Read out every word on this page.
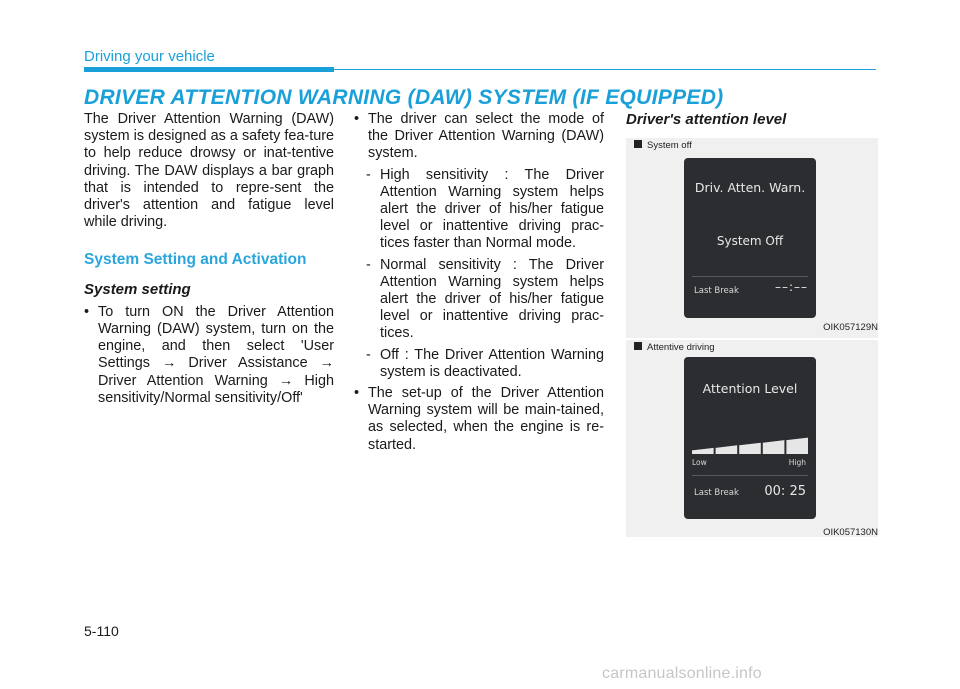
Driving your vehicle
DRIVER ATTENTION WARNING (DAW) SYSTEM (IF EQUIPPED)

The Driver Attention Warning (DAW) system is designed as a safety fea-ture to help reduce drowsy or inat-tentive driving. The DAW displays a bar graph that is intended to repre-sent the driver's attention and fatigue level while driving.

System Setting and Activation

System setting

• To turn ON the Driver Attention Warning (DAW) system, turn on the engine, and then select 'User Settings → Driver Assistance → Driver Attention Warning → High sensitivity/Normal sensitivity/Off'

• The driver can select the mode of the Driver Attention Warning (DAW) system.

- High sensitivity : The Driver Attention Warning system helps alert the driver of his/her fatigue level or inattentive driving prac-tices faster than Normal mode.

- Normal sensitivity : The Driver Attention Warning system helps alert the driver of his/her fatigue level or inattentive driving prac-tices.

- Off : The Driver Attention Warning system is deactivated.

• The set-up of the Driver Attention Warning system will be main-tained, as selected, when the engine is re-started.

Driver's attention level
System off
Driv. Atten. Warn.
System Off
Last Break	––:––
OIK057129N
Attentive driving
Attention Level
Low	High
Last Break 00: 25
OIK057130N
5-110
carmanualsonline.info
